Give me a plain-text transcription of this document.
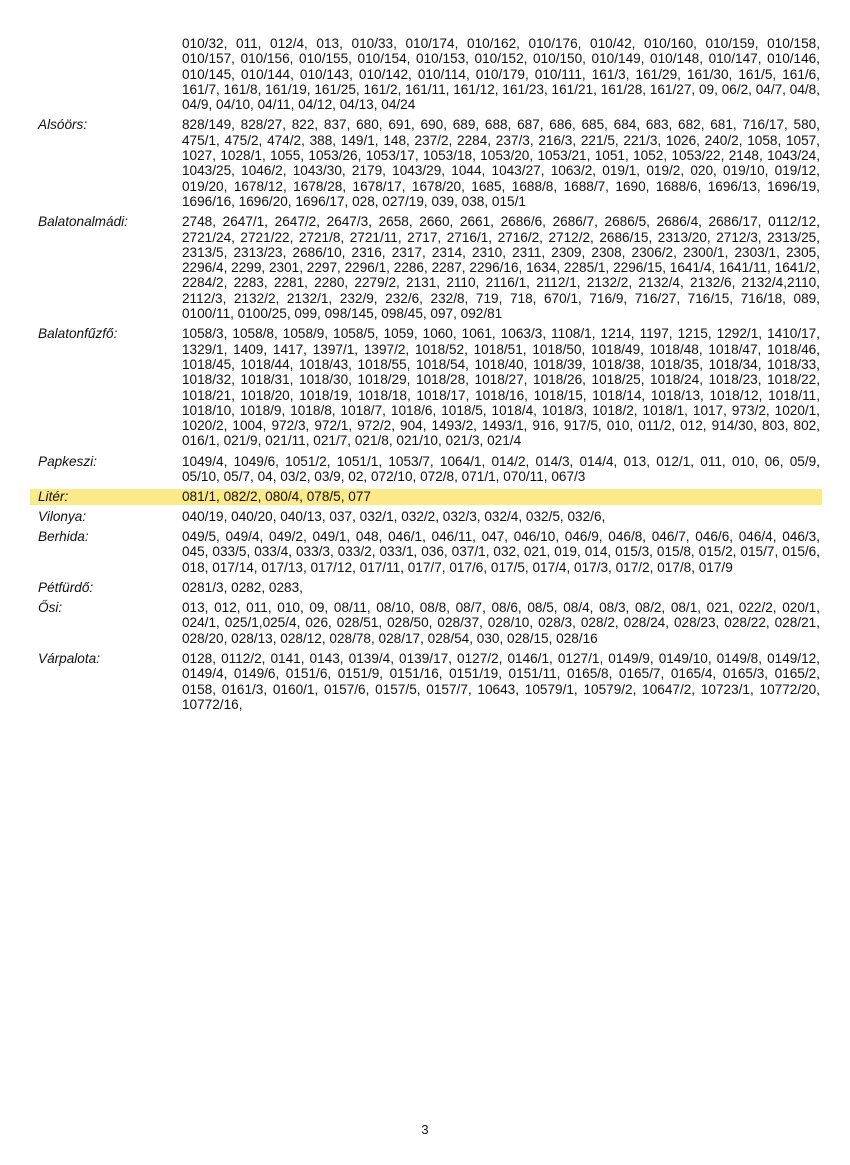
010/32, 011, 012/4, 013, 010/33, 010/174, 010/162, 010/176, 010/42, 010/160, 010/159, 010/158, 010/157, 010/156, 010/155, 010/154, 010/153, 010/152, 010/150, 010/149, 010/148, 010/147, 010/146, 010/145, 010/144, 010/143, 010/142, 010/114, 010/179, 010/111, 161/3, 161/29, 161/30, 161/5, 161/6, 161/7, 161/8, 161/19, 161/25, 161/2, 161/11, 161/12, 161/23, 161/21, 161/28, 161/27, 09, 06/2, 04/7, 04/8, 04/9, 04/10, 04/11, 04/12, 04/13, 04/24
Alsóörs:	828/149, 828/27, 822, 837, 680, 691, 690, 689, 688, 687, 686, 685, 684, 683, 682, 681, 716/17, 580, 475/1, 475/2, 474/2, 388, 149/1, 148, 237/2, 2284, 237/3, 216/3, 221/5, 221/3, 1026, 240/2, 1058, 1057, 1027, 1028/1, 1055, 1053/26, 1053/17, 1053/18, 1053/20, 1053/21, 1051, 1052, 1053/22, 2148, 1043/24, 1043/25, 1046/2, 1043/30, 2179, 1043/29, 1044, 1043/27, 1063/2, 019/1, 019/2, 020, 019/10, 019/12, 019/20, 1678/12, 1678/28, 1678/17, 1678/20, 1685, 1688/8, 1688/7, 1690, 1688/6, 1696/13, 1696/19, 1696/16, 1696/20, 1696/17, 028, 027/19, 039, 038, 015/1
Balatonalmádi:	2748, 2647/1, 2647/2, 2647/3, 2658, 2660, 2661, 2686/6, 2686/7, 2686/5, 2686/4, 2686/17, 0112/12, 2721/24, 2721/22, 2721/8, 2721/11, 2717, 2716/1, 2716/2, 2712/2, 2686/15, 2313/20, 2712/3, 2313/25, 2313/5, 2313/23, 2686/10, 2316, 2317, 2314, 2310, 2311, 2309, 2308, 2306/2, 2300/1, 2303/1, 2305, 2296/4, 2299, 2301, 2297, 2296/1, 2286, 2287, 2296/16, 1634, 2285/1, 2296/15, 1641/4, 1641/11, 1641/2, 2284/2, 2283, 2281, 2280, 2279/2, 2131, 2110, 2116/1, 2112/1, 2132/2, 2132/4, 2132/6, 2132/4,2110, 2112/3, 2132/2, 2132/1, 232/9, 232/6, 232/8, 719, 718, 670/1, 716/9, 716/27, 716/15, 716/18, 089, 0100/11, 0100/25, 099, 098/145, 098/45, 097, 092/81
Balatonfűzfő:	1058/3, 1058/8, 1058/9, 1058/5, 1059, 1060, 1061, 1063/3, 1108/1, 1214, 1197, 1215, 1292/1, 1410/17, 1329/1, 1409, 1417, 1397/1, 1397/2, 1018/52, 1018/51, 1018/50, 1018/49, 1018/48, 1018/47, 1018/46, 1018/45, 1018/44, 1018/43, 1018/55, 1018/54, 1018/40, 1018/39, 1018/38, 1018/35, 1018/34, 1018/33, 1018/32, 1018/31, 1018/30, 1018/29, 1018/28, 1018/27, 1018/26, 1018/25, 1018/24, 1018/23, 1018/22, 1018/21, 1018/20, 1018/19, 1018/18, 1018/17, 1018/16, 1018/15, 1018/14, 1018/13, 1018/12, 1018/11, 1018/10, 1018/9, 1018/8, 1018/7, 1018/6, 1018/5, 1018/4, 1018/3, 1018/2, 1018/1, 1017, 973/2, 1020/1, 1020/2, 1004, 972/3, 972/1, 972/2, 904, 1493/2, 1493/1, 916, 917/5, 010, 011/2, 012, 914/30, 803, 802, 016/1, 021/9, 021/11, 021/7, 021/8, 021/10, 021/3, 021/4
Papkeszi:	1049/4, 1049/6, 1051/2, 1051/1, 1053/7, 1064/1, 014/2, 014/3, 014/4, 013, 012/1, 011, 010, 06, 05/9, 05/10, 05/7, 04, 03/2, 03/9, 02, 072/10, 072/8, 071/1, 070/11, 067/3
Litér:	081/1, 082/2, 080/4, 078/5, 077
Vilonya:	040/19, 040/20, 040/13, 037, 032/1, 032/2, 032/3, 032/4, 032/5, 032/6,
Berhida:	049/5, 049/4, 049/2, 049/1, 048, 046/1, 046/11, 047, 046/10, 046/9, 046/8, 046/7, 046/6, 046/4, 046/3, 045, 033/5, 033/4, 033/3, 033/2, 033/1, 036, 037/1, 032, 021, 019, 014, 015/3, 015/8, 015/2, 015/7, 015/6, 018, 017/14, 017/13, 017/12, 017/11, 017/7, 017/6, 017/5, 017/4, 017/3, 017/2, 017/8, 017/9
Pétfürdő:	0281/3, 0282, 0283,
Ősi:	013, 012, 011, 010, 09, 08/11, 08/10, 08/8, 08/7, 08/6, 08/5, 08/4, 08/3, 08/2, 08/1, 021, 022/2, 020/1, 024/1, 025/1,025/4, 026, 028/51, 028/50, 028/37, 028/10, 028/3, 028/2, 028/24, 028/23, 028/22, 028/21, 028/20, 028/13, 028/12, 028/78, 028/17, 028/54, 030, 028/15, 028/16
Várpalota:	0128, 0112/2, 0141, 0143, 0139/4, 0139/17, 0127/2, 0146/1, 0127/1, 0149/9, 0149/10, 0149/8, 0149/12, 0149/4, 0149/6, 0151/6, 0151/9, 0151/16, 0151/19, 0151/11, 0165/8, 0165/7, 0165/4, 0165/3, 0165/2, 0158, 0161/3, 0160/1, 0157/6, 0157/5, 0157/7, 10643, 10579/1, 10579/2, 10647/2, 10723/1, 10772/20, 10772/16,
3
